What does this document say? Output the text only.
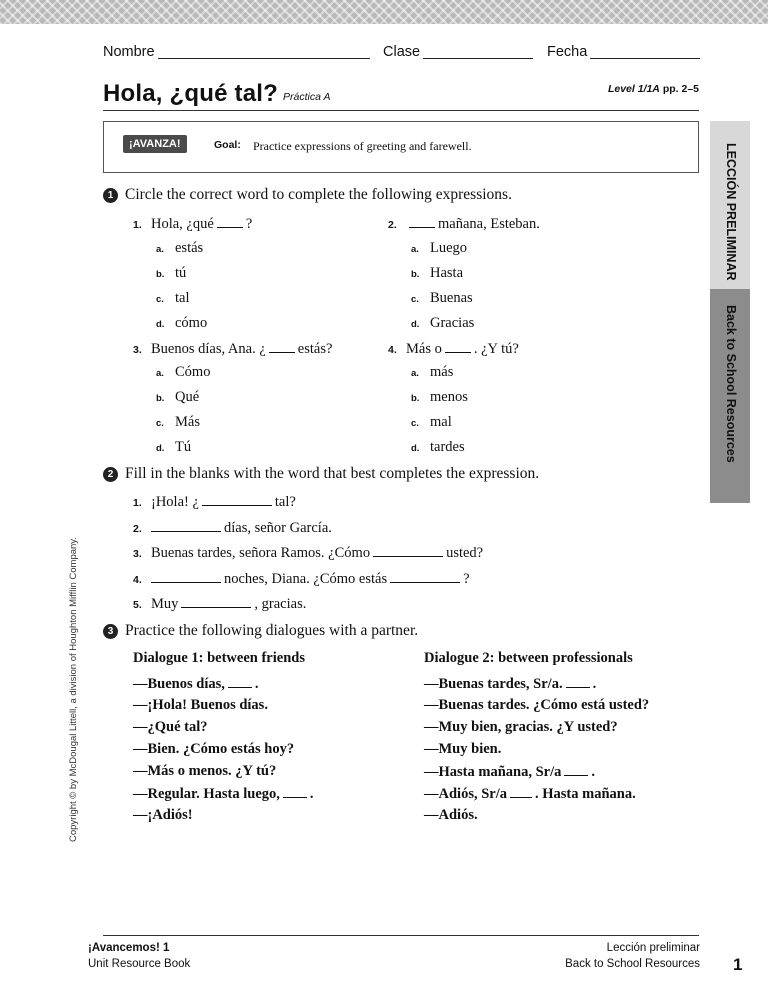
Nombre	Clase	Fecha
Hola, ¿qué tal? Práctica A
Level 1/1A pp. 2–5
¡AVANZA!	Goal: Practice expressions of greeting and farewell.	LECCIÓN PRELIMINAR
Back to School Resources
Copyright © by McDougal Littell, a division of Houghton Mifflin Company.
1 Circle the correct word to complete the following expressions.
1. Hola, ¿qué ?
a. estás
b. tú
c. tal
d. cómo
2.	mañana, Esteban.
a. Luego
b. Hasta
c. Buenas
d. Gracias
3. Buenos días, Ana. ¿ estás?
a. Cómo
b. Qué
c. Más
d. Tú
4. Más o . ¿Y tú?
a. más
b. menos
c. mal
d. tardes
2 Fill in the blanks with the word that best completes the expression.
1. ¡Hola! ¿	tal?
2.	días, señor García.
3. Buenas tardes, señora Ramos. ¿Cómo	usted?
4.	noches, Diana. ¿Cómo estás	?
5. Muy	, gracias.
3 Practice the following dialogues with a partner.
Dialogue 1: between friends
—Buenos días, .
—¡Hola! Buenos días.
—¿Qué tal?
—Bien. ¿Cómo estás hoy?
—Más o menos. ¿Y tú?
—Regular. Hasta luego, .
—¡Adiós!
Dialogue 2: between professionals
—Buenas tardes, Sr/a. .
—Buenas tardes. ¿Cómo está usted?
—Muy bien, gracias. ¿Y usted?
—Muy bien.
—Hasta mañana, Sr/a .
—Adiós, Sr/a . Hasta mañana.
—Adiós.
¡Avancemos! 1
Unit Resource Book
Lección preliminar
Back to School Resources 1
